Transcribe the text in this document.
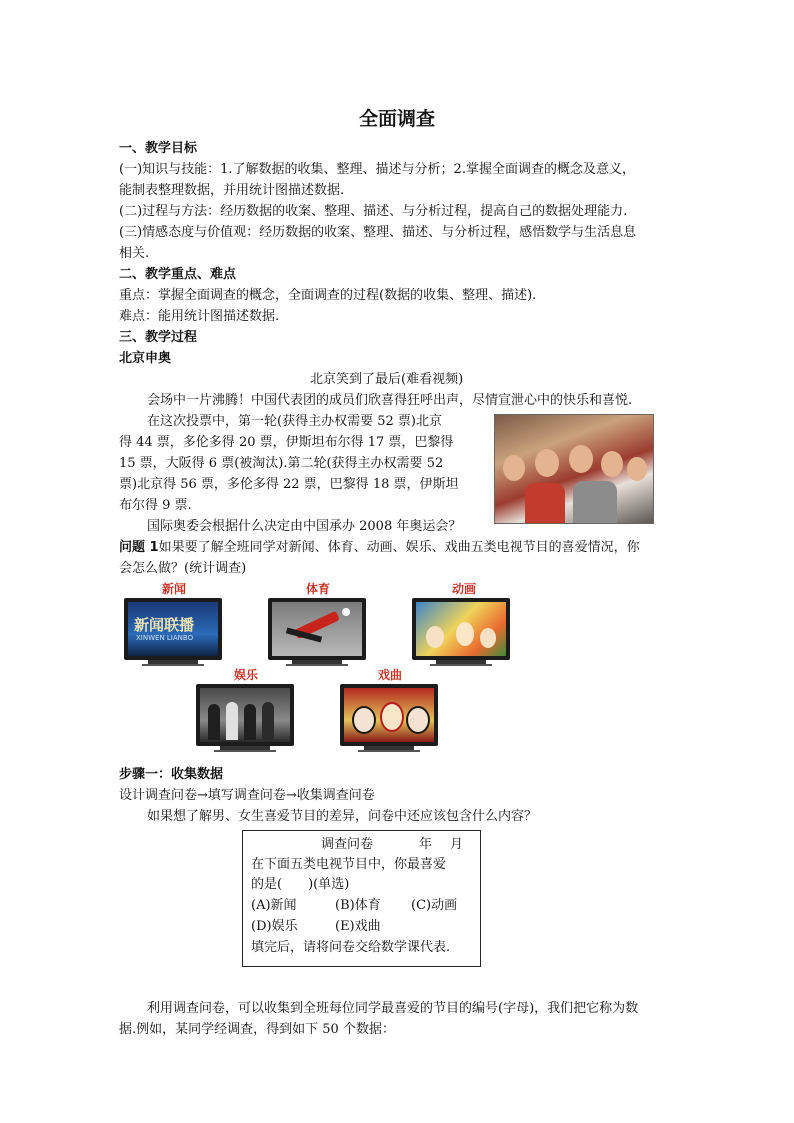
全面调查
一、教学目标
(一)知识与技能：1.了解数据的收集、整理、描述与分析；2.掌握全面调查的概念及意义，
能制表整理数据，并用统计图描述数据.
(二)过程与方法：经历数据的收案、整理、描述、与分析过程，提高自己的数据处理能力.
(三)情感态度与价值观：经历数据的收案、整理、描述、与分析过程，感悟数学与生活息息
相关.
二、教学重点、难点
重点：掌握全面调查的概念，全面调查的过程(数据的收集、整理、描述).
难点：能用统计图描述数据.
三、教学过程
北京申奥
北京笑到了最后(难看视频)
会场中一片沸腾！中国代表团的成员们欣喜得狂呼出声，尽情宣泄心中的快乐和喜悦.
在这次投票中，第一轮(获得主办权需要 52 票)北京
得 44 票，多伦多得 20 票，伊斯坦布尔得 17 票，巴黎得
15 票，大阪得 6 票(被淘汰).第二轮(获得主办权需要 52
票)北京得 56 票，多伦多得 22 票，巴黎得 18 票，伊斯坦
布尔得 9 票.
国际奥委会根据什么决定由中国承办 2008 年奥运会？
问题 1如果要了解全班同学对新闻、体育、动画、娱乐、戏曲五类电视节目的喜爱情况，你
会怎么做？(统计调查)
新闻
新闻联播
XINWEN LIANBO
体育	动画
娱乐	戏曲
步骤一：收集数据
设计调查问卷→填写调查问卷→收集调查问卷
如果想了解男、女生喜爱节目的差异，问卷中还应该包含什么内容？
调查问卷	年 月
在下面五类电视节目中，你最喜爱
的是(　　)(单选)
(A)新闻	(B)体育 (C)动画
(D)娱乐	(E)戏曲
填完后，请将问卷交给数学课代表.
利用调查问卷，可以收集到全班每位同学最喜爱的节目的编号(字母)，我们把它称为数
据.例如，某同学经调查，得到如下 50 个数据：
